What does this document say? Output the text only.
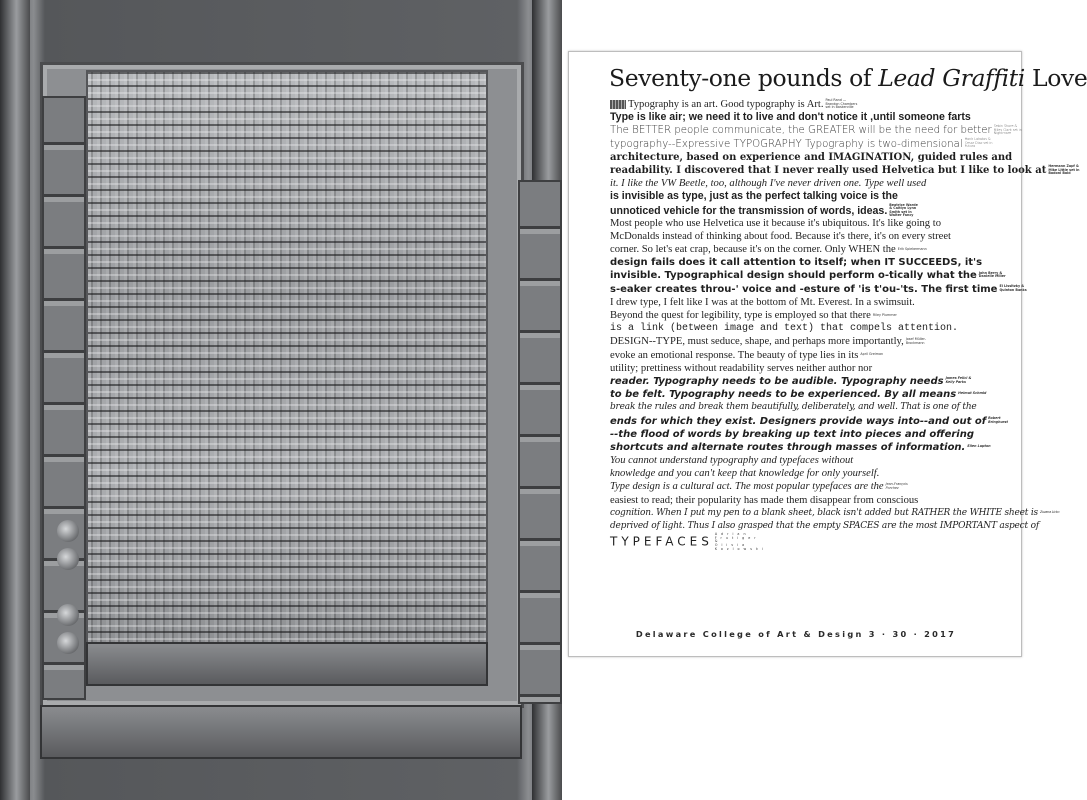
Seventy-one pounds of Lead Graffiti Love
Typography is an art. Good typography is Art. Paul Rand — Brandon Chambers set in Baskerville
Type is like air; we need it to live and don't notice it ,until someone farts
The BETTER people communicate, the GREATER will be the need for better Sebin Shore & Miles Clark set in Nightmare
typography--Expressive TYPOGRAPHY Typography is two-dimensional Hank Lakatos & Cesar Diaz set in Futura
architecture, based on experience and IMAGINATION, guided rules and
readability. I discovered that I never really used Helvetica but I like to look at Hermann Zapf & Mike Little set in Bodoni Bold
it. I like the VW Beetle, too, although I've never driven one. Type well used
is invisible as type, just as the perfect talking voice is the
unnoticed vehicle for the transmission of words, ideas. Beatrice Warde & Caitlyn Lynn Smith set in Walter Fancy
Most people who use Helvetica use it because it's ubiquitous. It's like going to
McDonalds instead of thinking about food. Because it's there, it's on every street
corner. So let's eat crap, because it's on the corner. Only WHEN the Erik Spiekermann
design fails does it call attention to itself; when IT SUCCEEDS, it's
invisible. Typographical design should perform o-tically what the John Berry & Danielle Miller
s-eaker creates throu-' voice and -esture of 'is t'ou-'ts. The first time El Lissitzky & Quinton Banks
I drew type, I felt like I was at the bottom of Mt. Everest. In a swimsuit.
Beyond the quest for legibility, type is employed so that there Riley Plummer
is a link (between image and text) that compels attention.
DESIGN--TYPE, must seduce, shape, and perhaps more importantly, Josef Müller-Brockmann
evoke an emotional response. The beauty of type lies in its April Greiman
utility; prettiness without readability serves neither author nor
reader. Typography needs to be audible. Typography needs James Felici & Kelly Parks
to be felt. Typography needs to be experienced. By all means Helmut Schmid
break the rules and break them beautifully, deliberately, and well. That is one of the
ends for which they exist. Designers provide ways into--and out of Robert Bringhurst
--the flood of words by breaking up text into pieces and offering
shortcuts and alternate routes through masses of information. Ellen Lupton
You cannot understand typography and typefaces without
knowledge and you can't keep that knowledge for only yourself.
Type design is a cultural act. The most popular typefaces are the Jean-François Porchez
easiest to read; their popularity has made them disappear from conscious
cognition. When I put my pen to a blank sheet, black isn't added but RATHER the WHITE sheet is Zuzana Licko
deprived of light. Thus I also grasped that the empty SPACES are the most IMPORTANT aspect of
TYPEFACESAdrian Frutiger & Olivia Kozlowski
Delaware College of Art & Design 3 · 30 · 2017
